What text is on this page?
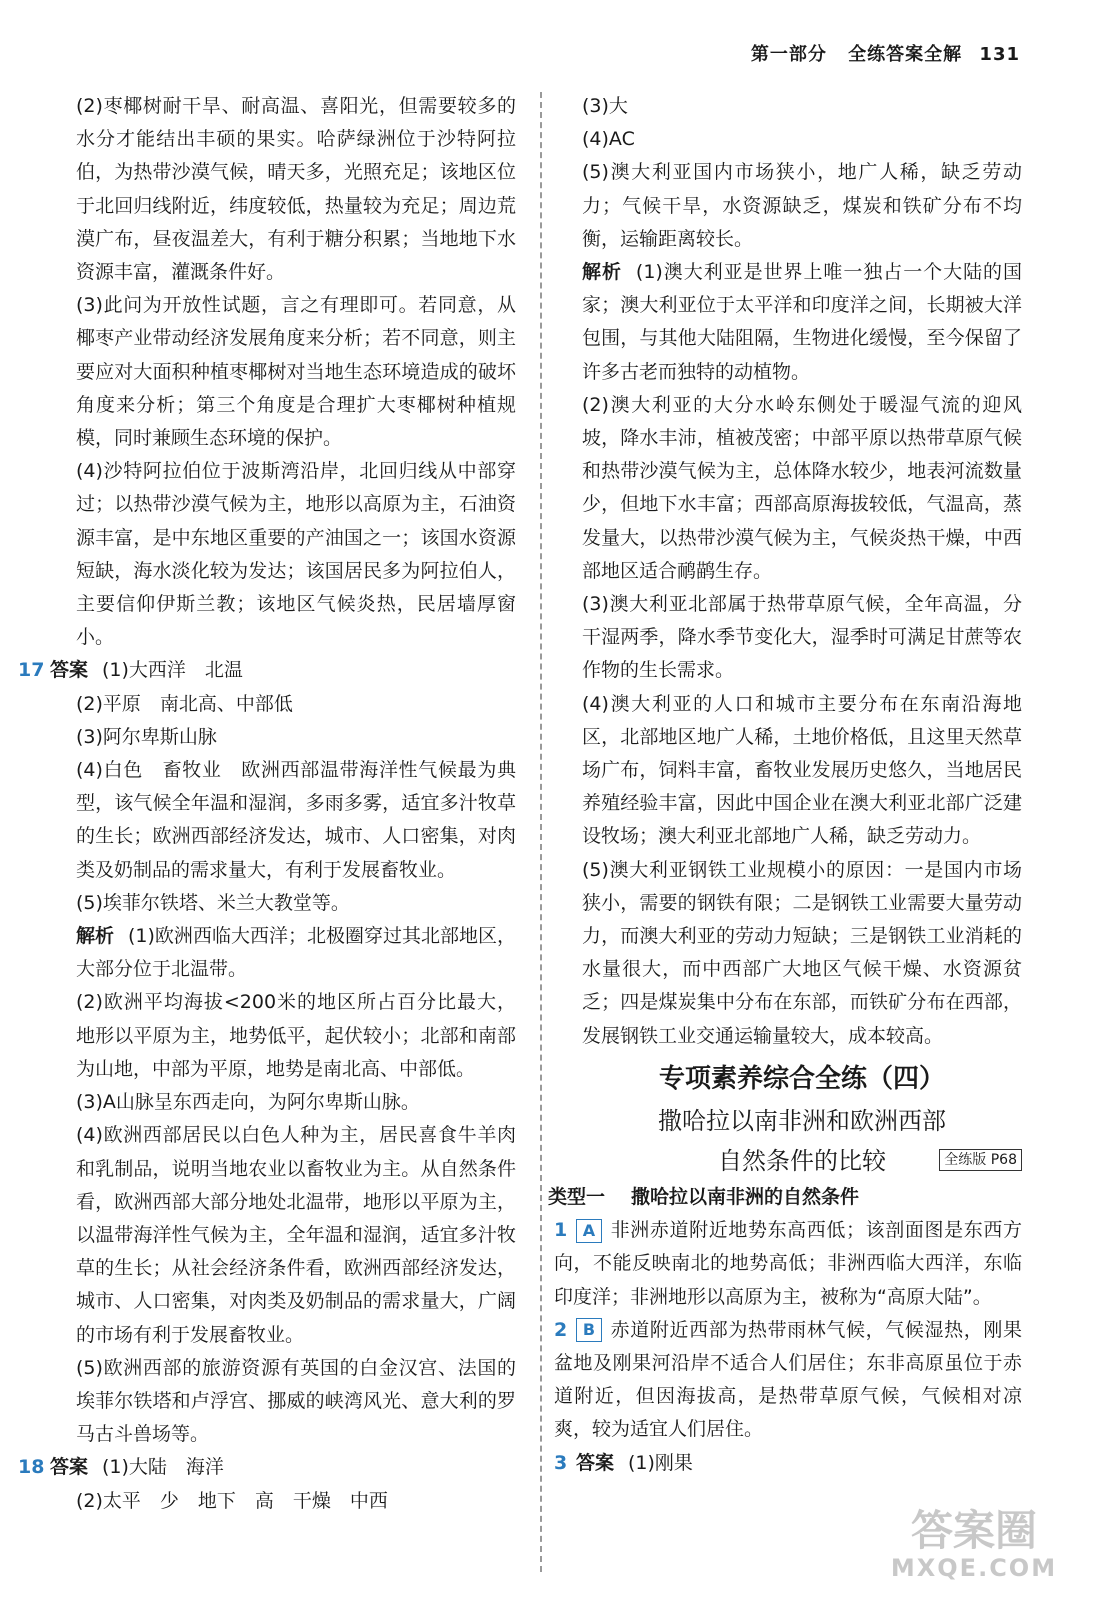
第一部分 全练答案全解 131

(2)枣椰树耐干旱、耐高温、喜阳光，但需要较多的水分才能结出丰硕的果实。哈萨绿洲位于沙特阿拉伯，为热带沙漠气候，晴天多，光照充足；该地区位于北回归线附近，纬度较低，热量较为充足；周边荒漠广布，昼夜温差大，有利于糖分积累；当地地下水资源丰富，灌溉条件好。

(3)此问为开放性试题，言之有理即可。若同意，从椰枣产业带动经济发展角度来分析；若不同意，则主要应对大面积种植枣椰树对当地生态环境造成的破坏角度来分析；第三个角度是合理扩大枣椰树种植规模，同时兼顾生态环境的保护。

(4)沙特阿拉伯位于波斯湾沿岸，北回归线从中部穿过；以热带沙漠气候为主，地形以高原为主，石油资源丰富，是中东地区重要的产油国之一；该国水资源短缺，海水淡化较为发达；该国居民多为阿拉伯人，主要信仰伊斯兰教；该地区气候炎热，民居墙厚窗小。

17 答案 (1)大西洋　北温

(2)平原　南北高、中部低

(3)阿尔卑斯山脉

(4)白色　畜牧业　欧洲西部温带海洋性气候最为典型，该气候全年温和湿润，多雨多雾，适宜多汁牧草的生长；欧洲西部经济发达，城市、人口密集，对肉类及奶制品的需求量大，有利于发展畜牧业。

(5)埃菲尔铁塔、米兰大教堂等。

解析 (1)欧洲西临大西洋；北极圈穿过其北部地区，大部分位于北温带。

(2)欧洲平均海拔<200米的地区所占百分比最大，地形以平原为主，地势低平，起伏较小；北部和南部为山地，中部为平原，地势是南北高、中部低。

(3)A山脉呈东西走向，为阿尔卑斯山脉。

(4)欧洲西部居民以白色人种为主，居民喜食牛羊肉和乳制品，说明当地农业以畜牧业为主。从自然条件看，欧洲西部大部分地处北温带，地形以平原为主，以温带海洋性气候为主，全年温和湿润，适宜多汁牧草的生长；从社会经济条件看，欧洲西部经济发达，城市、人口密集，对肉类及奶制品的需求量大，广阔的市场有利于发展畜牧业。

(5)欧洲西部的旅游资源有英国的白金汉宫、法国的埃菲尔铁塔和卢浮宫、挪威的峡湾风光、意大利的罗马古斗兽场等。

18 答案 (1)大陆　海洋

(2)太平　少　地下　高　干燥　中西

(3)大

(4)AC

(5)澳大利亚国内市场狭小，地广人稀，缺乏劳动力；气候干旱，水资源缺乏，煤炭和铁矿分布不均衡，运输距离较长。

解析 (1)澳大利亚是世界上唯一独占一个大陆的国家；澳大利亚位于太平洋和印度洋之间，长期被大洋包围，与其他大陆阻隔，生物进化缓慢，至今保留了许多古老而独特的动植物。

(2)澳大利亚的大分水岭东侧处于暖湿气流的迎风坡，降水丰沛，植被茂密；中部平原以热带草原气候和热带沙漠气候为主，总体降水较少，地表河流数量少，但地下水丰富；西部高原海拔较低，气温高，蒸发量大，以热带沙漠气候为主，气候炎热干燥，中西部地区适合鸸鹋生存。

(3)澳大利亚北部属于热带草原气候，全年高温，分干湿两季，降水季节变化大，湿季时可满足甘蔗等农作物的生长需求。

(4)澳大利亚的人口和城市主要分布在东南沿海地区，北部地区地广人稀，土地价格低，且这里天然草场广布，饲料丰富，畜牧业发展历史悠久，当地居民养殖经验丰富，因此中国企业在澳大利亚北部广泛建设牧场；澳大利亚北部地广人稀，缺乏劳动力。

(5)澳大利亚钢铁工业规模小的原因：一是国内市场狭小，需要的钢铁有限；二是钢铁工业需要大量劳动力，而澳大利亚的劳动力短缺；三是钢铁工业消耗的水量很大，而中西部广大地区气候干燥、水资源贫乏；四是煤炭集中分布在东部，而铁矿分布在西部，发展钢铁工业交通运输量较大，成本较高。

专项素养综合全练（四）
撒哈拉以南非洲和欧洲西部
自然条件的比较	全练版 P68

类型一 撒哈拉以南非洲的自然条件

1 A 非洲赤道附近地势东高西低；该剖面图是东西方向，不能反映南北的地势高低；非洲西临大西洋，东临印度洋；非洲地形以高原为主，被称为“高原大陆”。

2 B 赤道附近西部为热带雨林气候，气候湿热，刚果盆地及刚果河沿岸不适合人们居住；东非高原虽位于赤道附近，但因海拔高，是热带草原气候，气候相对凉爽，较为适宜人们居住。

3 答案 (1)刚果

答案圈
MXQE.COM
